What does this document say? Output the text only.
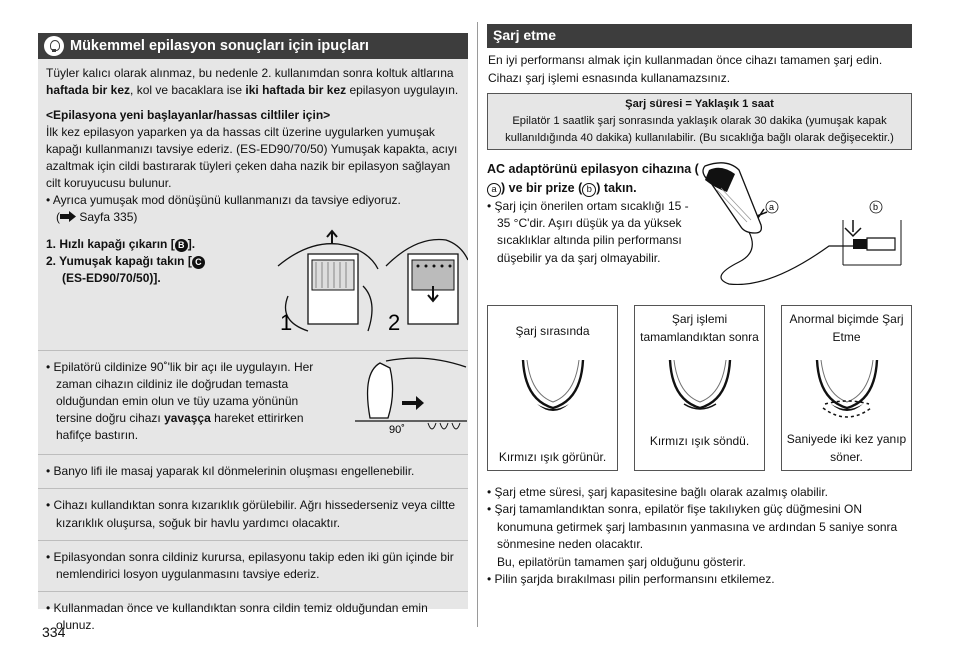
Mükemmel epilasyon sonuçları için ipuçları
Tüyler kalıcı olarak alınmaz, bu nedenle 2. kullanımdan sonra koltuk altlarına haftada bir kez, kol ve bacaklara ise iki haftada bir kez epilasyon uygulayın.
<Epilasyona yeni başlayanlar/hassas ciltliler için>
İlk kez epilasyon yaparken ya da hassas cilt üzerine uygularken yumuşak kapağı kullanmanızı tavsiye ederiz. (ES-ED90/70/50) Yumuşak kapakta, acıyı azaltmak için cildi bastırarak tüyleri çeken daha nazik bir epilasyon sağlayan cilt koruyucusu bulunur.
• Ayrıca yumuşak mod dönüşünü kullanmanızı da tavsiye ediyoruz.
( Sayfa 335)
1. Hızlı kapağı çıkarın [ B ].
2. Yumuşak kapağı takın [ C
(ES-ED90/70/50)].
1	2
• Epilatörü cildinize 90˚'lik bir açı ile uygulayın. Her zaman cihazın cildiniz ile doğrudan temasta olduğundan emin olun ve tüy uzama yönünün tersine doğru cihazı yavaşça hareket ettirirken hafifçe bastırın.	90˚
• Banyo lifi ile masaj yaparak kıl dönmelerinin oluşması engellenebilir.
• Cihazı kullandıktan sonra kızarıklık görülebilir. Ağrı hissederseniz veya ciltte kızarıklık oluşursa, soğuk bir havlu yardımcı olacaktır.
• Epilasyondan sonra cildiniz kurursa, epilasyonu takip eden iki gün içinde bir nemlendirici losyon uygulanmasını tavsiye ederiz.
• Kullanmadan önce ve kullandıktan sonra cildin temiz olduğundan emin olunuz.
334
Şarj etme
En iyi performansı almak için kullanmadan önce cihazı tamamen şarj edin. Cihazı şarj işlemi esnasında kullanamazsınız.
Şarj süresi = Yaklaşık 1 saat
Epilatör 1 saatlik şarj sonrasında yaklaşık olarak 30 dakika (yumuşak kapak kullanıldığında 40 dakika) kullanılabilir. (Bu sıcaklığa bağlı olarak değişecektir.)
AC adaptörünü epilasyon cihazına (a ) ve bir prize ( b ) takın.
• Şarj için önerilen ortam sıcaklığı 15 - 35 °C'dir. Aşırı düşük ya da yüksek sıcaklıklar altında pilin performansı düşebilir ya da şarj olmayabilir.
a	b
Şarj sırasında
Kırmızı ışık görünür.
Şarj işlemi tamamlandıktan sonra
Kırmızı ışık söndü.
Anormal biçimde Şarj Etme
Saniyede iki kez yanıp söner.
• Şarj etme süresi, şarj kapasitesine bağlı olarak azalmış olabilir.
• Şarj tamamlandıktan sonra, epilatör fişe takılıyken güç düğmesini ON konumuna getirmek şarj lambasının yanmasına ve ardından 5 saniye sonra sönmesine neden olacaktır.
Bu, epilatörün tamamen şarj olduğunu gösterir.
• Pilin şarjda bırakılması pilin performansını etkilemez.
